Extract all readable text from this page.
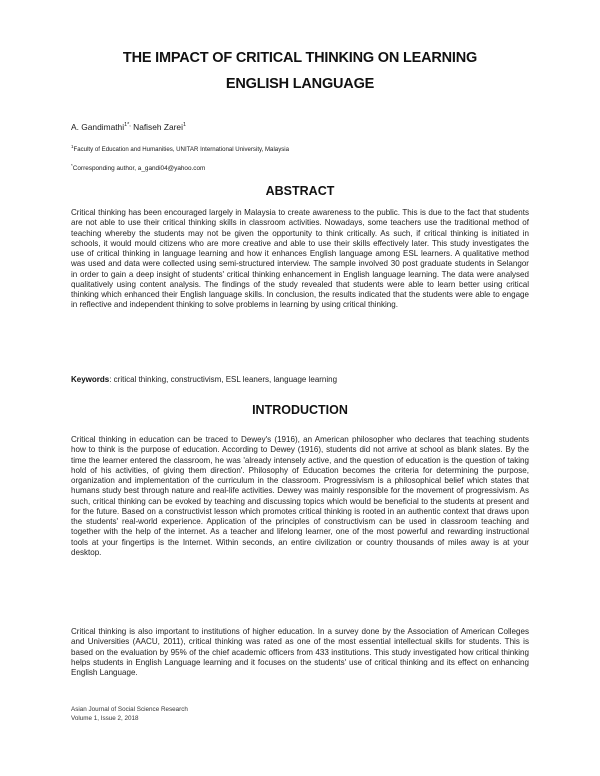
THE IMPACT OF CRITICAL THINKING ON LEARNING
ENGLISH LANGUAGE
A. Gandimathi$^{1*,}$ Nafiseh Zarei$^1$
$^1$Faculty of Education and Humanities, UNITAR International University, Malaysia
*Corresponding author, a_gandi04@yahoo.com
ABSTRACT
Critical thinking has been encouraged largely in Malaysia to create awareness to the public. This is due to the fact that students are not able to use their critical thinking skills in classroom activities. Nowadays, some teachers use the traditional method of teaching whereby the students may not be given the opportunity to think critically. As such, if critical thinking is initiated in schools, it would mould citizens who are more creative and able to use their skills effectively later. This study investigates the use of critical thinking in language learning and how it enhances English language among ESL learners. A qualitative method was used and data were collected using semi-structured interview. The sample involved 30 post graduate students in Selangor in order to gain a deep insight of students' critical thinking enhancement in English language learning. The data were analysed qualitatively using content analysis. The findings of the study revealed that students were able to learn better using critical thinking which enhanced their English language skills. In conclusion, the results indicated that the students were able to engage in reflective and independent thinking to solve problems in learning by using critical thinking.
Keywords: critical thinking, constructivism, ESL leaners, language learning
INTRODUCTION
Critical thinking in education can be traced to Dewey's (1916), an American philosopher who declares that teaching students how to think is the purpose of education. According to Dewey (1916), students did not arrive at school as blank slates. By the time the learner entered the classroom, he was 'already intensely active, and the question of education is the question of taking hold of his activities, of giving them direction'. Philosophy of Education becomes the criteria for determining the purpose, organization and implementation of the curriculum in the classroom. Progressivism is a philosophical belief which states that humans study best through nature and real-life activities. Dewey was mainly responsible for the movement of progressivism. As such, critical thinking can be evoked by teaching and discussing topics which would be beneficial to the students at present and for the future. Based on a constructivist lesson which promotes critical thinking is rooted in an authentic context that draws upon the students' real-world experience. Application of the principles of constructivism can be used in classroom teaching and together with the help of the internet. As a teacher and lifelong learner, one of the most powerful and rewarding instructional tools at your fingertips is the Internet. Within seconds, an entire civilization or country thousands of miles away is at your desktop.
Critical thinking is also important to institutions of higher education. In a survey done by the Association of American Colleges and Universities (AACU, 2011), critical thinking was rated as one of the most essential intellectual skills for students. This is based on the evaluation by 95% of the chief academic officers from 433 institutions. This study investigated how critical thinking helps students in English Language learning and it focuses on the students' use of critical thinking and its effect on enhancing English Language.
Asian Journal of Social Science Research
Volume 1, Issue 2, 2018
